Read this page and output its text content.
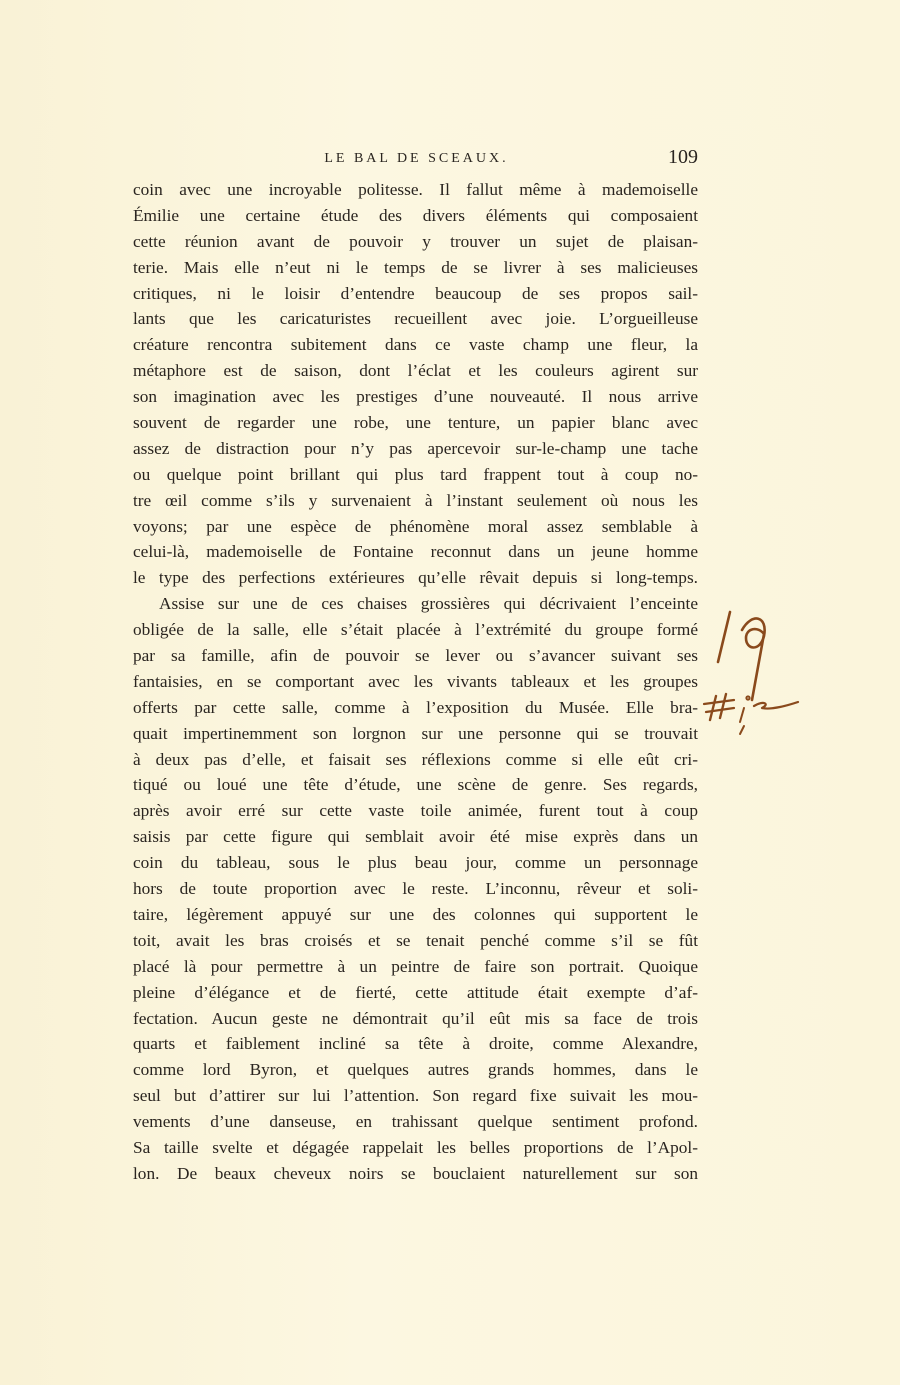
LE BAL DE SCEAUX.	109
coin avec une incroyable politesse. Il fallut même à mademoiselle
Émilie une certaine étude des divers éléments qui composaient
cette réunion avant de pouvoir y trouver un sujet de plaisan-
terie. Mais elle n’eut ni le temps de se livrer à ses malicieuses
critiques, ni le loisir d’entendre beaucoup de ses propos sail-
lants que les caricaturistes recueillent avec joie. L’orgueilleuse
créature rencontra subitement dans ce vaste champ une fleur, la
métaphore est de saison, dont l’éclat et les couleurs agirent sur
son imagination avec les prestiges d’une nouveauté. Il nous arrive
souvent de regarder une robe, une tenture, un papier blanc avec
assez de distraction pour n’y pas apercevoir sur-le-champ une tache
ou quelque point brillant qui plus tard frappent tout à coup no-
tre œil comme s’ils y survenaient à l’instant seulement où nous les
voyons; par une espèce de phénomène moral assez semblable à
celui-là, mademoiselle de Fontaine reconnut dans un jeune homme
le type des perfections extérieures qu’elle rêvait depuis si long-temps.
Assise sur une de ces chaises grossières qui décrivaient l’enceinte
obligée de la salle, elle s’était placée à l’extrémité du groupe formé
par sa famille, afin de pouvoir se lever ou s’avancer suivant ses
fantaisies, en se comportant avec les vivants tableaux et les groupes
offerts par cette salle, comme à l’exposition du Musée. Elle bra-
quait impertinemment son lorgnon sur une personne qui se trouvait
à deux pas d’elle, et faisait ses réflexions comme si elle eût cri-
tiqué ou loué une tête d’étude, une scène de genre. Ses regards,
après avoir erré sur cette vaste toile animée, furent tout à coup
saisis par cette figure qui semblait avoir été mise exprès dans un
coin du tableau, sous le plus beau jour, comme un personnage
hors de toute proportion avec le reste. L’inconnu, rêveur et soli-
taire, légèrement appuyé sur une des colonnes qui supportent le
toit, avait les bras croisés et se tenait penché comme s’il se fût
placé là pour permettre à un peintre de faire son portrait. Quoique
pleine d’élégance et de fierté, cette attitude était exempte d’af-
fectation. Aucun geste ne démontrait qu’il eût mis sa face de trois
quarts et faiblement incliné sa tête à droite, comme Alexandre,
comme lord Byron, et quelques autres grands hommes, dans le
seul but d’attirer sur lui l’attention. Son regard fixe suivait les mou-
vements d’une danseuse, en trahissant quelque sentiment profond.
Sa taille svelte et dégagée rappelait les belles proportions de l’Apol-
lon. De beaux cheveux noirs se bouclaient naturellement sur son
